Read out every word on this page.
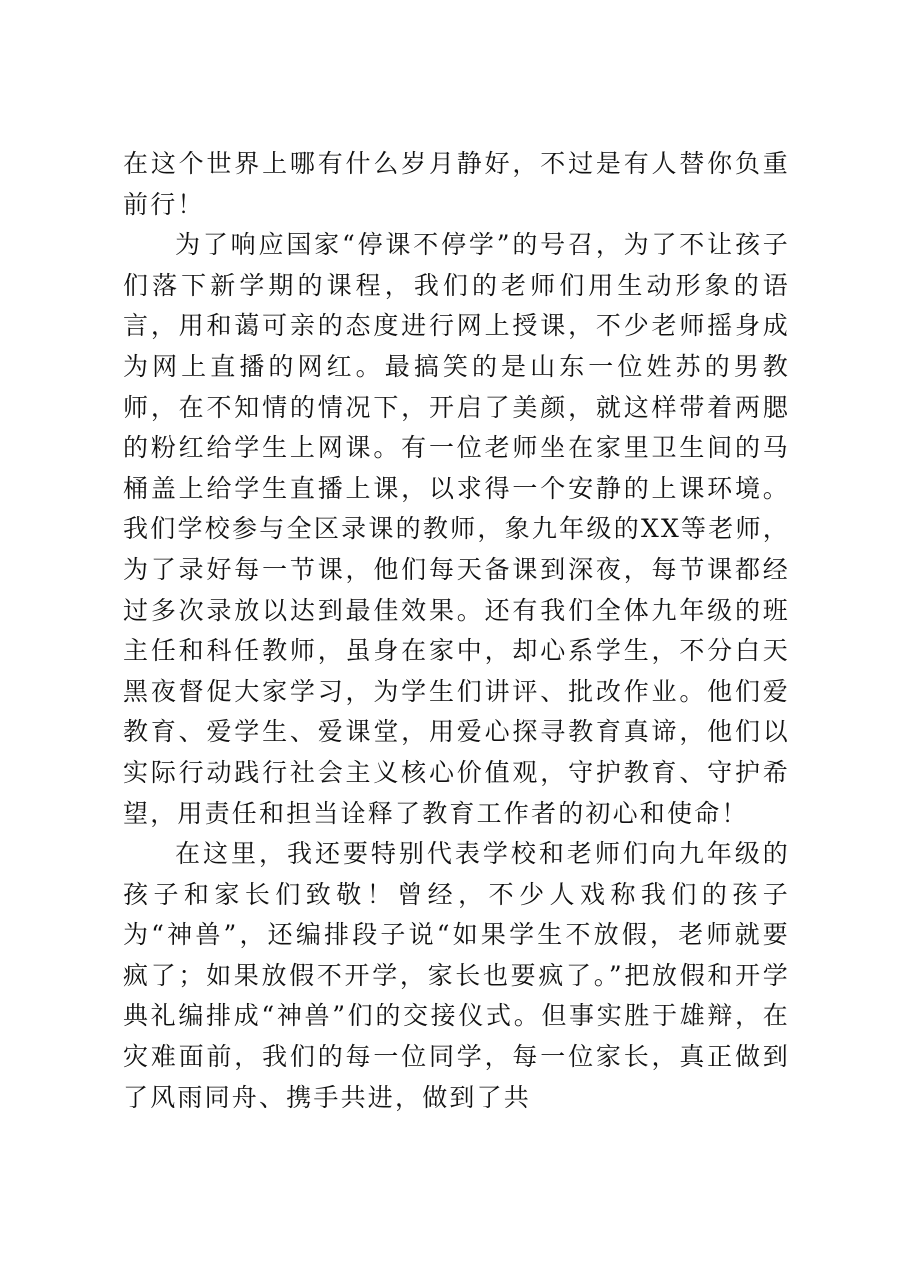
在这个世界上哪有什么岁月静好，不过是有人替你负重前行！

为了响应国家“停课不停学”的号召，为了不让孩子们落下新学期的课程，我们的老师们用生动形象的语言，用和蔼可亲的态度进行网上授课，不少老师摇身成为网上直播的网红。最搞笑的是山东一位姓苏的男教师，在不知情的情况下，开启了美颜，就这样带着两腮的粉红给学生上网课。有一位老师坐在家里卫生间的马桶盖上给学生直播上课，以求得一个安静的上课环境。我们学校参与全区录课的教师，象九年级的XX等老师，为了录好每一节课，他们每天备课到深夜，每节课都经过多次录放以达到最佳效果。还有我们全体九年级的班主任和科任教师，虽身在家中，却心系学生，不分白天黑夜督促大家学习，为学生们讲评、批改作业。他们爱教育、爱学生、爱课堂，用爱心探寻教育真谛，他们以实际行动践行社会主义核心价值观，守护教育、守护希望，用责任和担当诠释了教育工作者的初心和使命！

在这里，我还要特别代表学校和老师们向九年级的孩子和家长们致敬！曾经，不少人戏称我们的孩子为“神兽”，还编排段子说“如果学生不放假，老师就要疯了；如果放假不开学，家长也要疯了。”把放假和开学典礼编排成“神兽”们的交接仪式。但事实胜于雄辩，在灾难面前，我们的每一位同学，每一位家长，真正做到了风雨同舟、携手共进，做到了共
